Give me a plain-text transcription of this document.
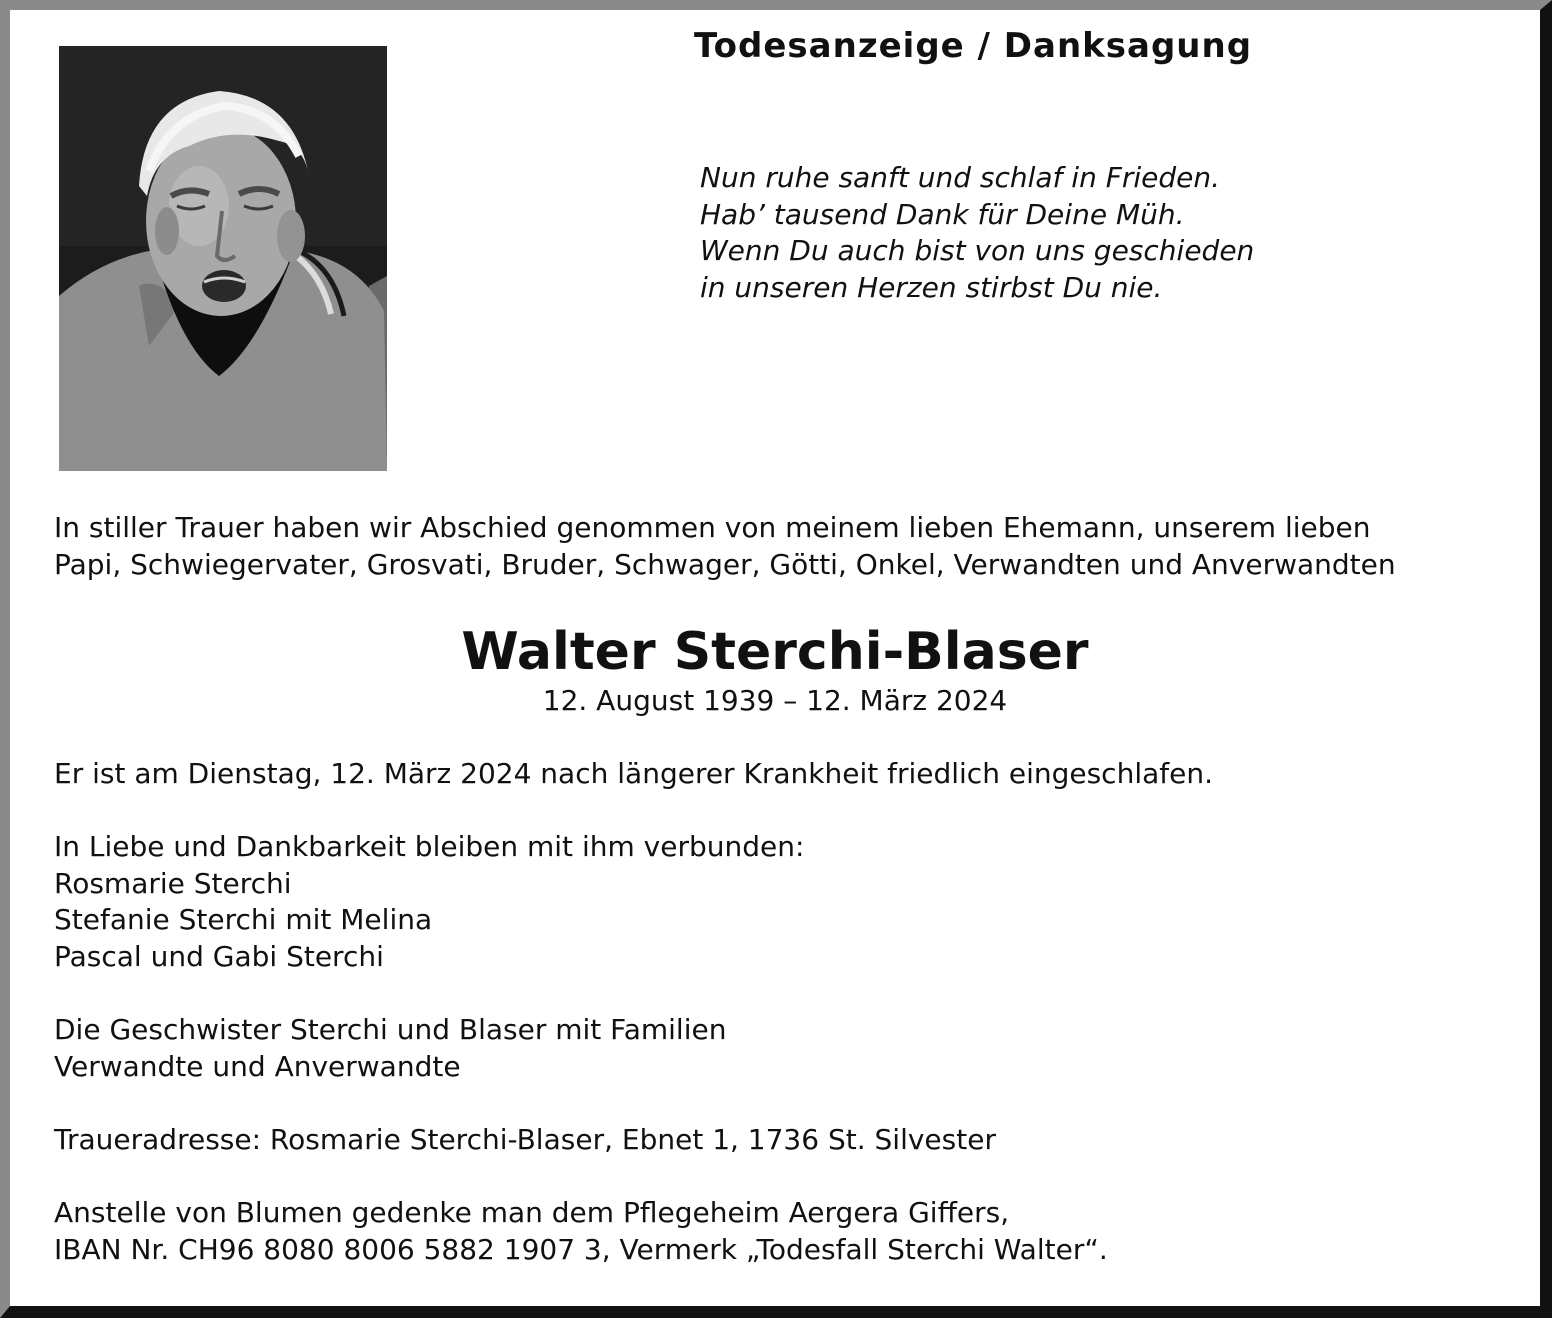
Todesanzeige / Danksagung
Nun ruhe sanft und schlaf in Frieden.
Hab’ tausend Dank für Deine Müh.
Wenn Du auch bist von uns geschieden
in unseren Herzen stirbst Du nie.
In stiller Trauer haben wir Abschied genommen von meinem lieben Ehemann, unserem lieben
Papi, Schwiegervater, Grosvati, Bruder, Schwager, Götti, Onkel, Verwandten und Anverwandten
Walter Sterchi-Blaser
12. August 1939 – 12. März 2024
Er ist am Dienstag, 12. März 2024 nach längerer Krankheit friedlich eingeschlafen.
In Liebe und Dankbarkeit bleiben mit ihm verbunden:
Rosmarie Sterchi
Stefanie Sterchi mit Melina
Pascal und Gabi Sterchi
Die Geschwister Sterchi und Blaser mit Familien
Verwandte und Anverwandte
Traueradresse: Rosmarie Sterchi-Blaser, Ebnet 1, 1736 St. Silvester
Anstelle von Blumen gedenke man dem Pflegeheim Aergera Giffers,
IBAN Nr. CH96 8080 8006 5882 1907 3, Vermerk „Todesfall Sterchi Walter“.
